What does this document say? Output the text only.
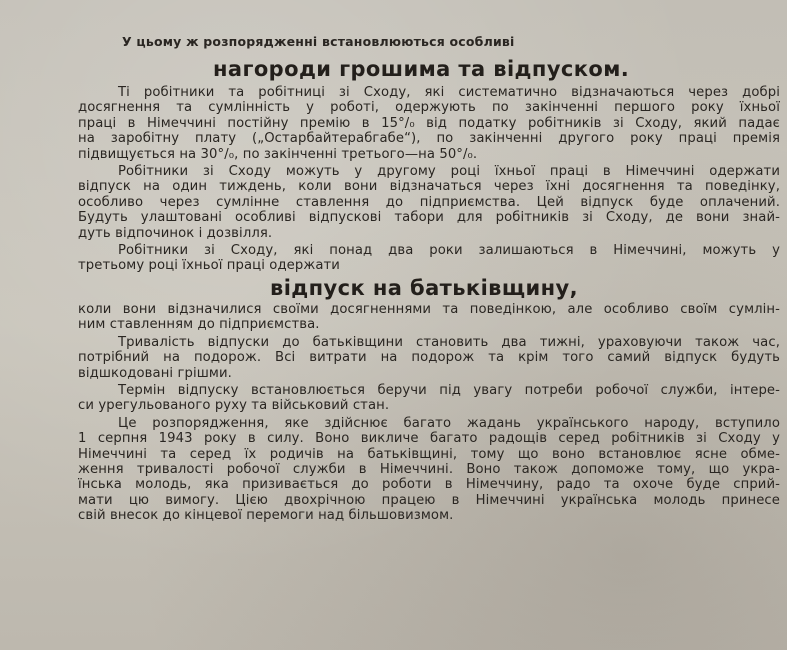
У цьому ж розпорядженні встановлюються особливі
нагороди грошима та відпуском.
Ті робітники та робітниці зі Сходу, які систематично відзначаються через добрі
досягнення та сумлінність у роботі, одержують по закінченні першого року їхньої
праці в Німеччині постійну премію в 15°/₀ від податку робітників зі Сходу, який падає
на заробітну плату („Остарбайтерабгабе“), по закінченні другого року праці премія
підвищується на 30°/₀, по закінченні третього—на 50°/₀.
Робітники зі Сходу можуть у другому році їхньої праці в Німеччині одержати
відпуск на один тиждень, коли вони відзначаться через їхні досягнення та поведінку,
особливо через сумлінне ставлення до підприємства. Цей відпуск буде оплачений.
Будуть улаштовані особливі відпускові табори для робітників зі Сходу, де вони знай-
дуть відпочинок і дозвілля.
Робітники зі Сходу, які понад два роки залишаються в Німеччині, можуть у
третьому році їхньої праці одержати
відпуск на батьківщину,
коли вони відзначилися своїми досягненнями та поведінкою, але особливо своїм сумлін-
ним ставленням до підприємства.
Тривалість відпуски до батьківщини становить два тижні, ураховуючи також час,
потрібний на подорож. Всі витрати на подорож та крім того самий відпуск будуть
відшкодовані грішми.
Термін відпуску встановлюється беручи під увагу потреби робочої служби, інтере-
си урегульованого руху та військовий стан.
Це розпорядження, яке здійснює багато жадань українського народу, вступило
1 серпня 1943 року в силу. Воно викличе багато радощів серед робітників зі Сходу у
Німеччині та серед їх родичів на батьківщині, тому що воно встановлює ясне обме-
ження тривалості робочої служби в Німеччині. Воно також допоможе тому, що укра-
їнська молодь, яка призивається до роботи в Німеччину, радо та охоче буде сприй-
мати цю вимогу. Цією двохрічною працею в Німеччині українська молодь принесе
свій внесок до кінцевої перемоги над більшовизмом.
